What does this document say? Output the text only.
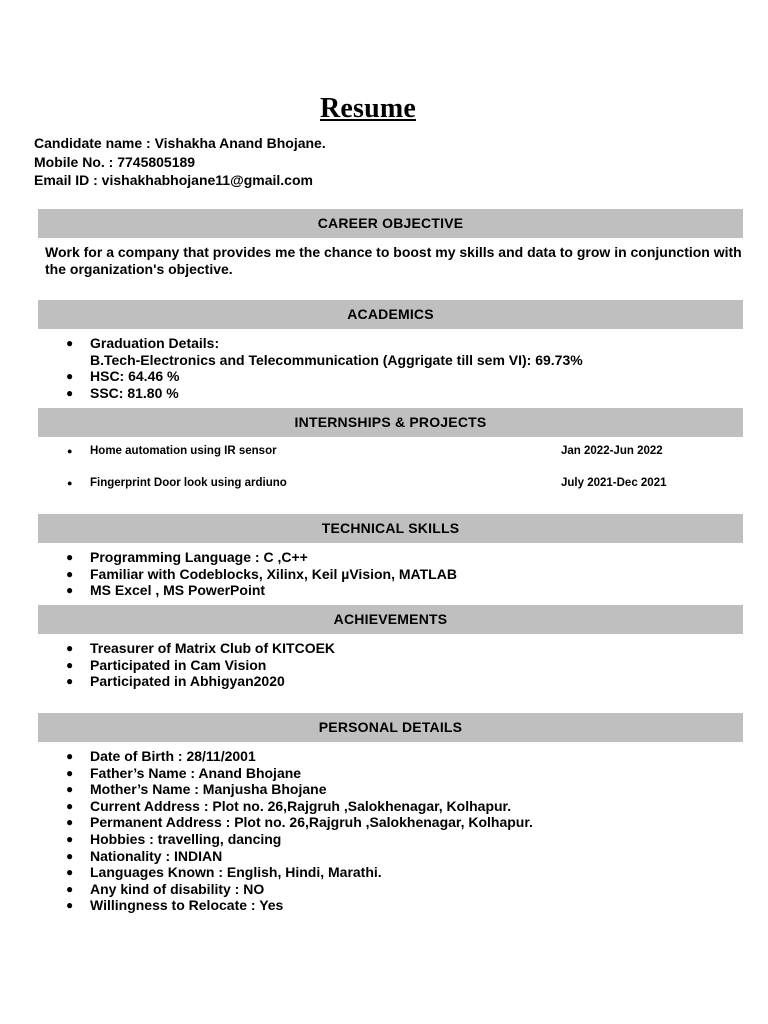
Resume
Candidate name : Vishakha Anand Bhojane.
Mobile No. : 7745805189
Email ID : vishakhabhojane11@gmail.com
CAREER OBJECTIVE
Work for a company that provides me the chance to boost my skills and data to grow in conjunction with the organization's objective.
ACADEMICS
● Graduation Details:
B.Tech-Electronics and Telecommunication (Aggrigate till sem VI): 69.73%
● HSC: 64.46 %
● SSC: 81.80 %
INTERNSHIPS & PROJECTS
● Home automation using IR sensor	Jan 2022-Jun 2022
● Fingerprint Door look using ardiuno	July 2021-Dec 2021
TECHNICAL SKILLS
● Programming Language : C ,C++
● Familiar with Codeblocks, Xilinx, Keil µVision, MATLAB
● MS Excel , MS PowerPoint
ACHIEVEMENTS
● Treasurer of Matrix Club of KITCOEK
● Participated in Cam Vision
● Participated in Abhigyan2020
PERSONAL DETAILS
● Date of Birth : 28/11/2001
● Father’s Name : Anand Bhojane
● Mother’s Name : Manjusha Bhojane
● Current Address : Plot no. 26,Rajgruh ,Salokhenagar, Kolhapur.
● Permanent Address : Plot no. 26,Rajgruh ,Salokhenagar, Kolhapur.
● Hobbies : travelling, dancing
● Nationality : INDIAN
● Languages Known : English, Hindi, Marathi.
● Any kind of disability : NO
● Willingness to Relocate : Yes
